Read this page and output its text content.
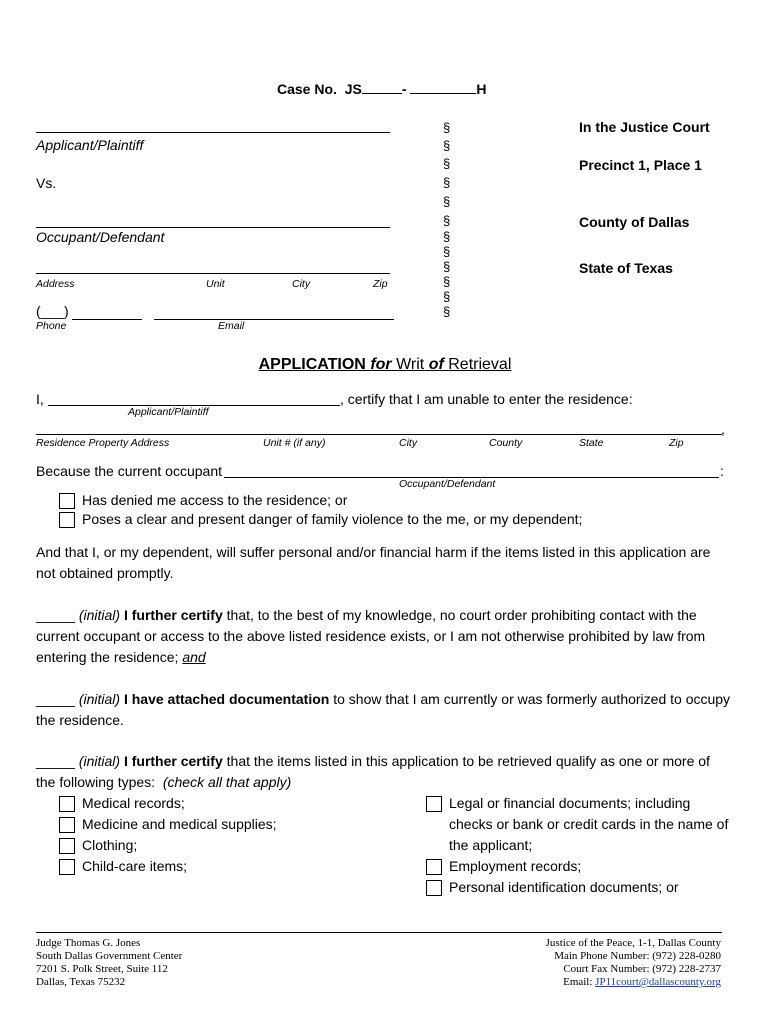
Case No. JS	-	H
Applicant/Plaintiff
Vs.
Occupant/Defendant
Address	Unit	City	Zip
(___)
Phone	Email
§
§
§
§
§
§
§
§
§
§
§
§
In the Justice Court
Precinct 1, Place 1
County of Dallas
State of Texas
APPLICATION for Writ of Retrieval
I,	, certify that I am unable to enter the residence:
Applicant/Plaintiff
,
Residence Property Address	Unit # (if any)	City	County	State	Zip
Because the current occupant	:
Occupant/Defendant
Has denied me access to the residence; or
Poses a clear and present danger of family violence to the me, or my dependent;
And that I, or my dependent, will suffer personal and/or financial harm if the items listed in this application are not obtained promptly.
_____ (initial) I further certify that, to the best of my knowledge, no court order prohibiting contact with the current occupant or access to the above listed residence exists, or I am not otherwise prohibited by law from entering the residence; and
_____ (initial) I have attached documentation to show that I am currently or was formerly authorized to occupy the residence.
_____ (initial) I further certify that the items listed in this application to be retrieved qualify as one or more of the following types: (check all that apply)
Medical records;
Medicine and medical supplies;
Clothing;
Child-care items;
Legal or financial documents; including
checks or bank or credit cards in the name of
the applicant;
Employment records;
Personal identification documents; or
Judge Thomas G. Jones
South Dallas Government Center
7201 S. Polk Street, Suite 112
Dallas, Texas 75232
Justice of the Peace, 1-1, Dallas County
Main Phone Number: (972) 228-0280
Court Fax Number: (972) 228-2737
Email: JP11court@dallascounty.org
